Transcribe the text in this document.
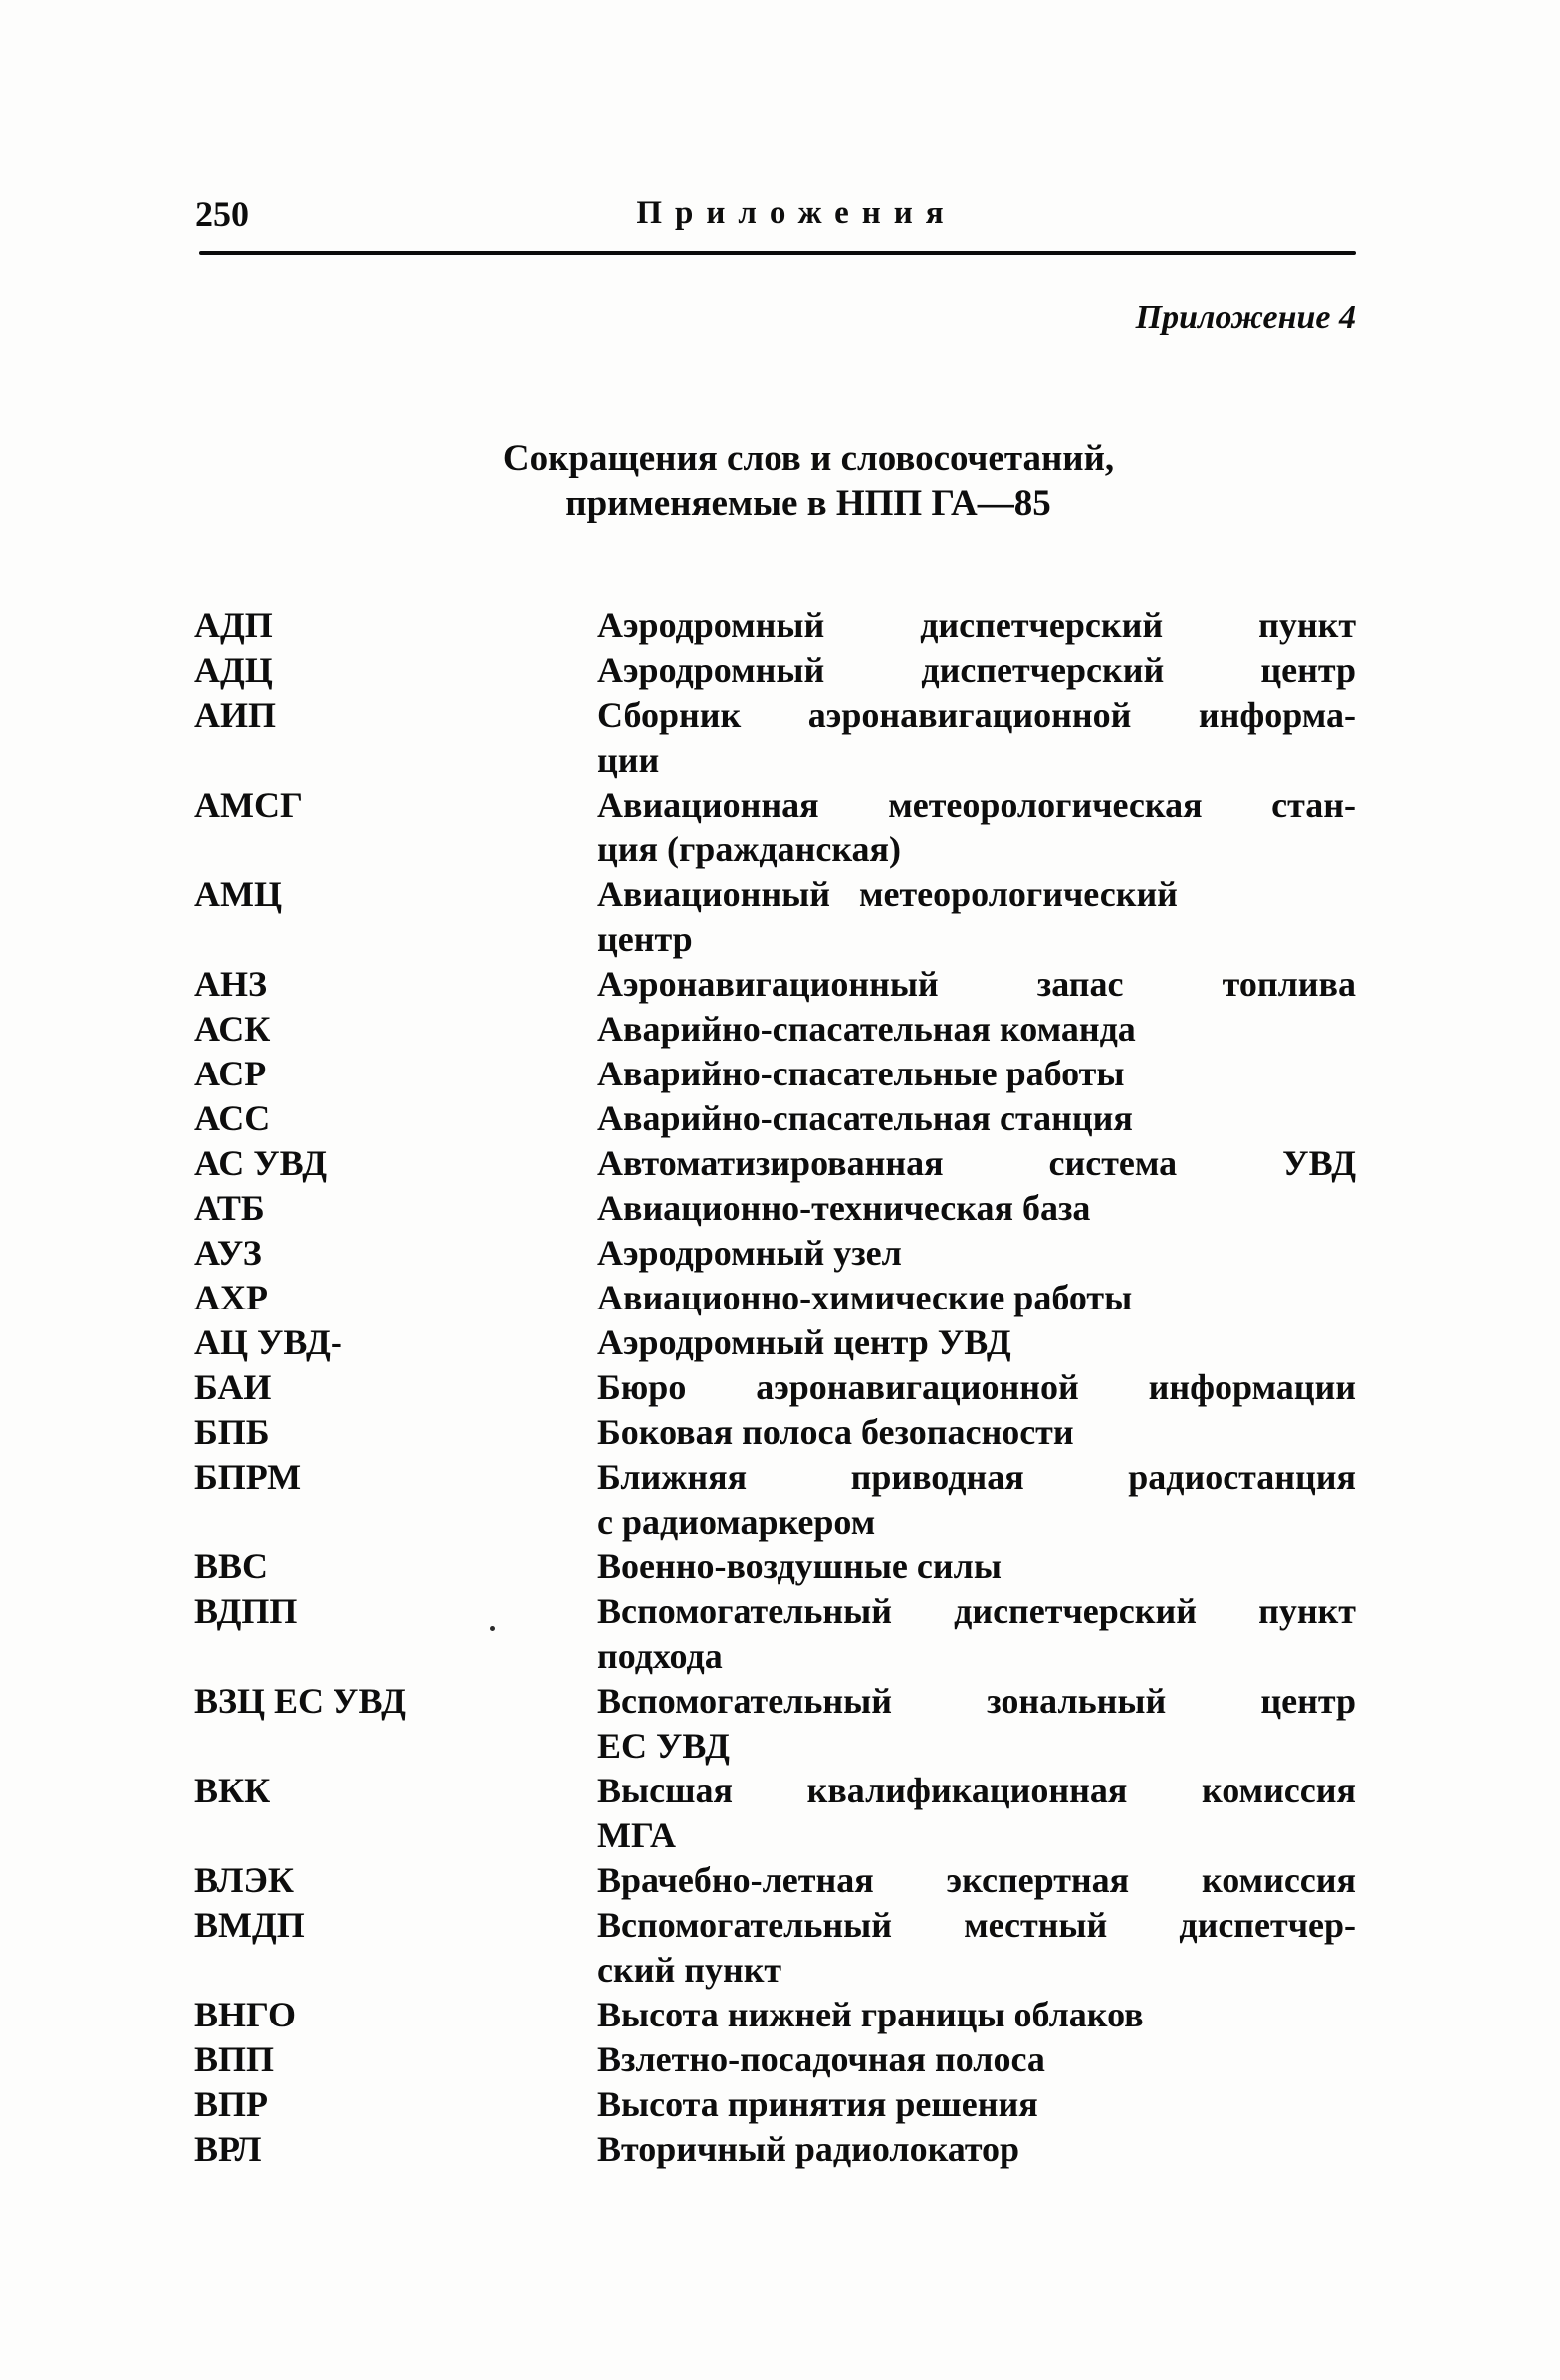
250	Приложения
Приложение 4
Сокращения слов и словосочетаний,
применяемые в НПП ГА—85
АДП	Аэродромный диспетчерский пункт
АДЦ	Аэродромный диспетчерский центр
АИП	Сборник аэронавигационной информа-
ции
АМСГ	Авиационная метеорологическая стан-
ция (гражданская)
АМЦ	Авиационный метеорологический
центр
АНЗ	Аэронавигационный запас топлива
АСК	Аварийно-спасательная команда
АСР	Аварийно-спасательные работы
АСС	Аварийно-спасательная станция
АС УВД	Автоматизированная система УВД
АТБ	Авиационно-техническая база
АУЗ	Аэродромный узел
АХР	Авиационно-химические работы
АЦ УВД-	Аэродромный центр УВД
БАИ	Бюро аэронавигационной информации
БПБ	Боковая полоса безопасности
БПРМ	Ближняя приводная радиостанция
с радиомаркером
ВВС	Военно-воздушные силы
ВДПП	Вспомогательный диспетчерский пункт
подхода
ВЗЦ ЕС УВД	Вспомогательный зональный центр
ЕС УВД
ВКК	Высшая квалификационная комиссия
МГА
ВЛЭК	Врачебно-летная экспертная комиссия
ВМДП	Вспомогательный местный диспетчер-
ский пункт
ВНГО	Высота нижней границы облаков
ВПП	Взлетно-посадочная полоса
ВПР	Высота принятия решения
ВРЛ	Вторичный радиолокатор
